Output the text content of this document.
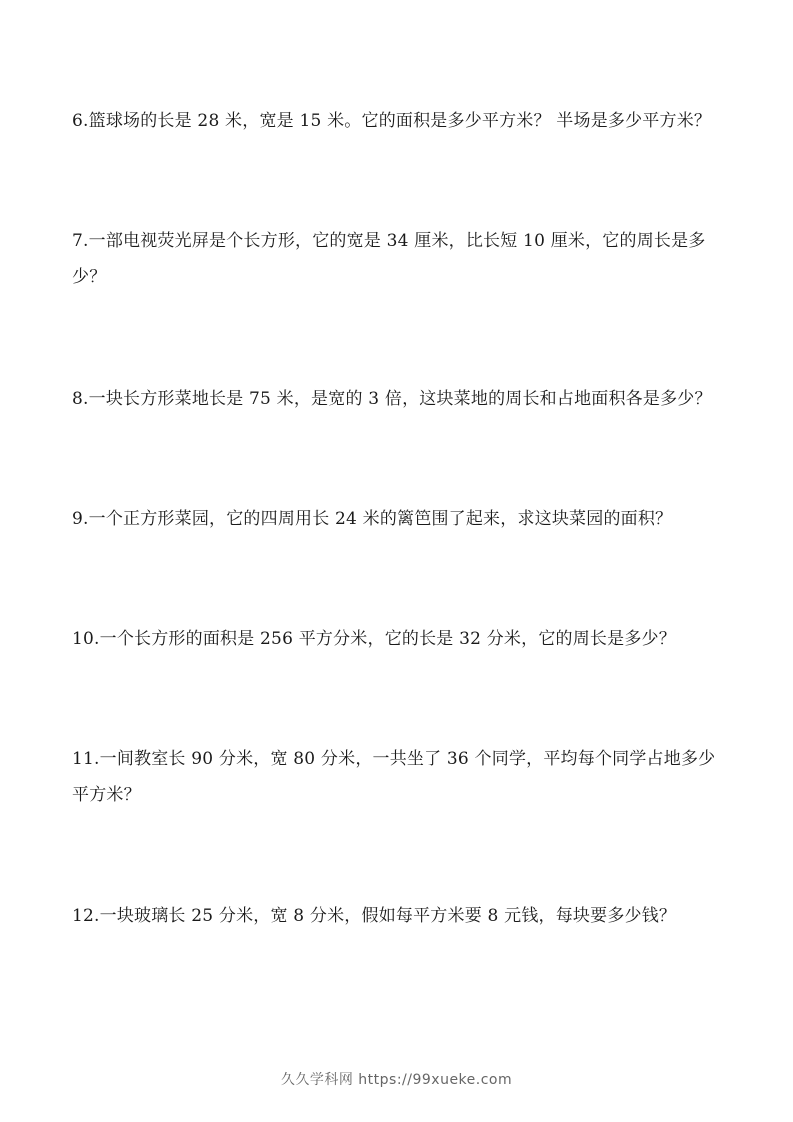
6.篮球场的长是 28 米，宽是 15 米。它的面积是多少平方米？ 半场是多少平方米？
7.一部电视荧光屏是个长方形，它的宽是 34 厘米，比长短 10 厘米，它的周长是多少？
8.一块长方形菜地长是 75 米，是宽的 3 倍，这块菜地的周长和占地面积各是多少？
9.一个正方形菜园，它的四周用长 24 米的篱笆围了起来，求这块菜园的面积？
10.一个长方形的面积是 256 平方分米，它的长是 32 分米，它的周长是多少？
11.一间教室长 90 分米，宽 80 分米，一共坐了 36 个同学，平均每个同学占地多少平方米？
12.一块玻璃长 25 分米，宽 8 分米，假如每平方米要 8 元钱，每块要多少钱？
久久学科网 https://99xueke.com
